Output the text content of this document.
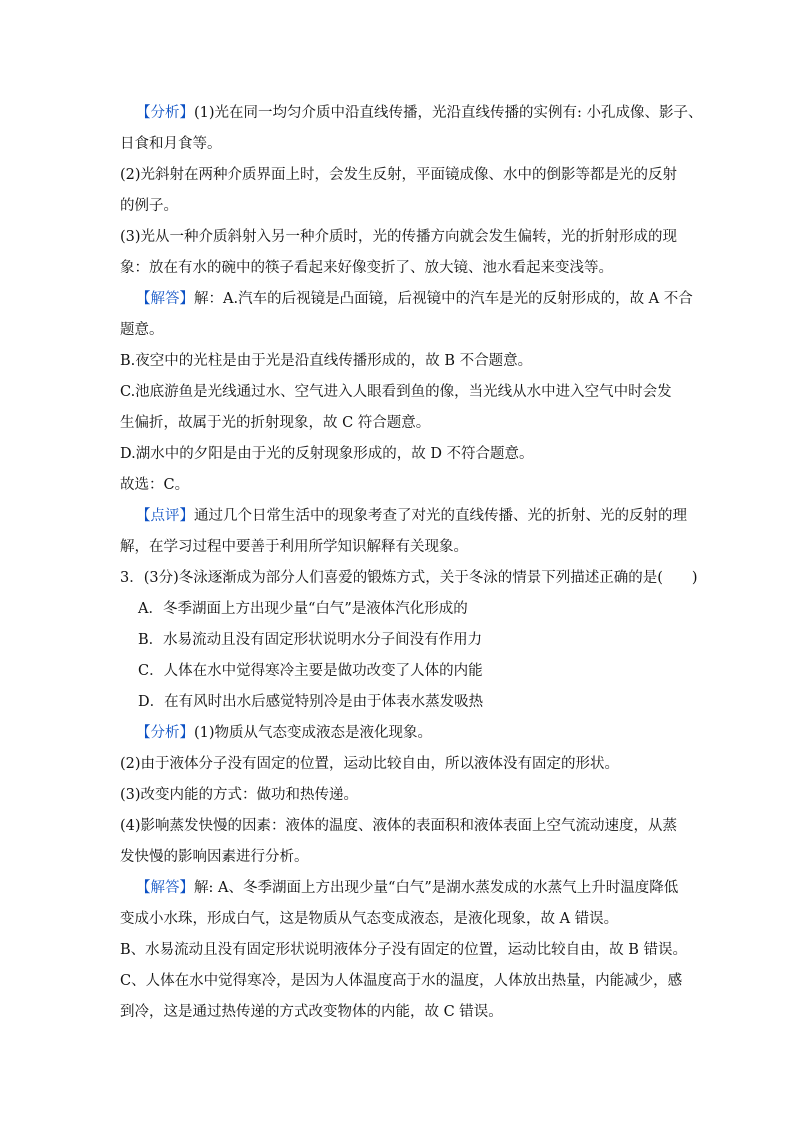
【分析】(1)光在同一均匀介质中沿直线传播，光沿直线传播的实例有: 小孔成像、影子、
日食和月食等。
(2)光斜射在两种介质界面上时，会发生反射，平面镜成像、水中的倒影等都是光的反射
的例子。
(3)光从一种介质斜射入另一种介质时，光的传播方向就会发生偏转，光的折射形成的现
象：放在有水的碗中的筷子看起来好像变折了、放大镜、池水看起来变浅等。
【解答】解：A.汽车的后视镜是凸面镜，后视镜中的汽车是光的反射形成的，故 A 不合
题意。
B.夜空中的光柱是由于光是沿直线传播形成的，故 B 不合题意。
C.池底游鱼是光线通过水、空气进入人眼看到鱼的像，当光线从水中进入空气中时会发
生偏折，故属于光的折射现象，故 C 符合题意。
D.湖水中的夕阳是由于光的反射现象形成的，故 D 不符合题意。
故选：C。
【点评】通过几个日常生活中的现象考查了对光的直线传播、光的折射、光的反射的理
解，在学习过程中要善于利用所学知识解释有关现象。
3．(3分)冬泳逐渐成为部分人们喜爱的锻炼方式，关于冬泳的情景下列描述正确的是(　　)
A．冬季湖面上方出现少量“白气”是液体汽化形成的
B．水易流动且没有固定形状说明水分子间没有作用力
C．人体在水中觉得寒冷主要是做功改变了人体的内能
D．在有风时出水后感觉特别冷是由于体表水蒸发吸热
【分析】(1)物质从气态变成液态是液化现象。
(2)由于液体分子没有固定的位置，运动比较自由，所以液体没有固定的形状。
(3)改变内能的方式：做功和热传递。
(4)影响蒸发快慢的因素：液体的温度、液体的表面积和液体表面上空气流动速度，从蒸
发快慢的影响因素进行分析。
【解答】解: A、冬季湖面上方出现少量“白气”是湖水蒸发成的水蒸气上升时温度降低
变成小水珠，形成白气，这是物质从气态变成液态，是液化现象，故 A 错误。
B、水易流动且没有固定形状说明液体分子没有固定的位置，运动比较自由，故 B 错误。
C、人体在水中觉得寒冷，是因为人体温度高于水的温度，人体放出热量，内能减少，感
到冷，这是通过热传递的方式改变物体的内能，故 C 错误。
